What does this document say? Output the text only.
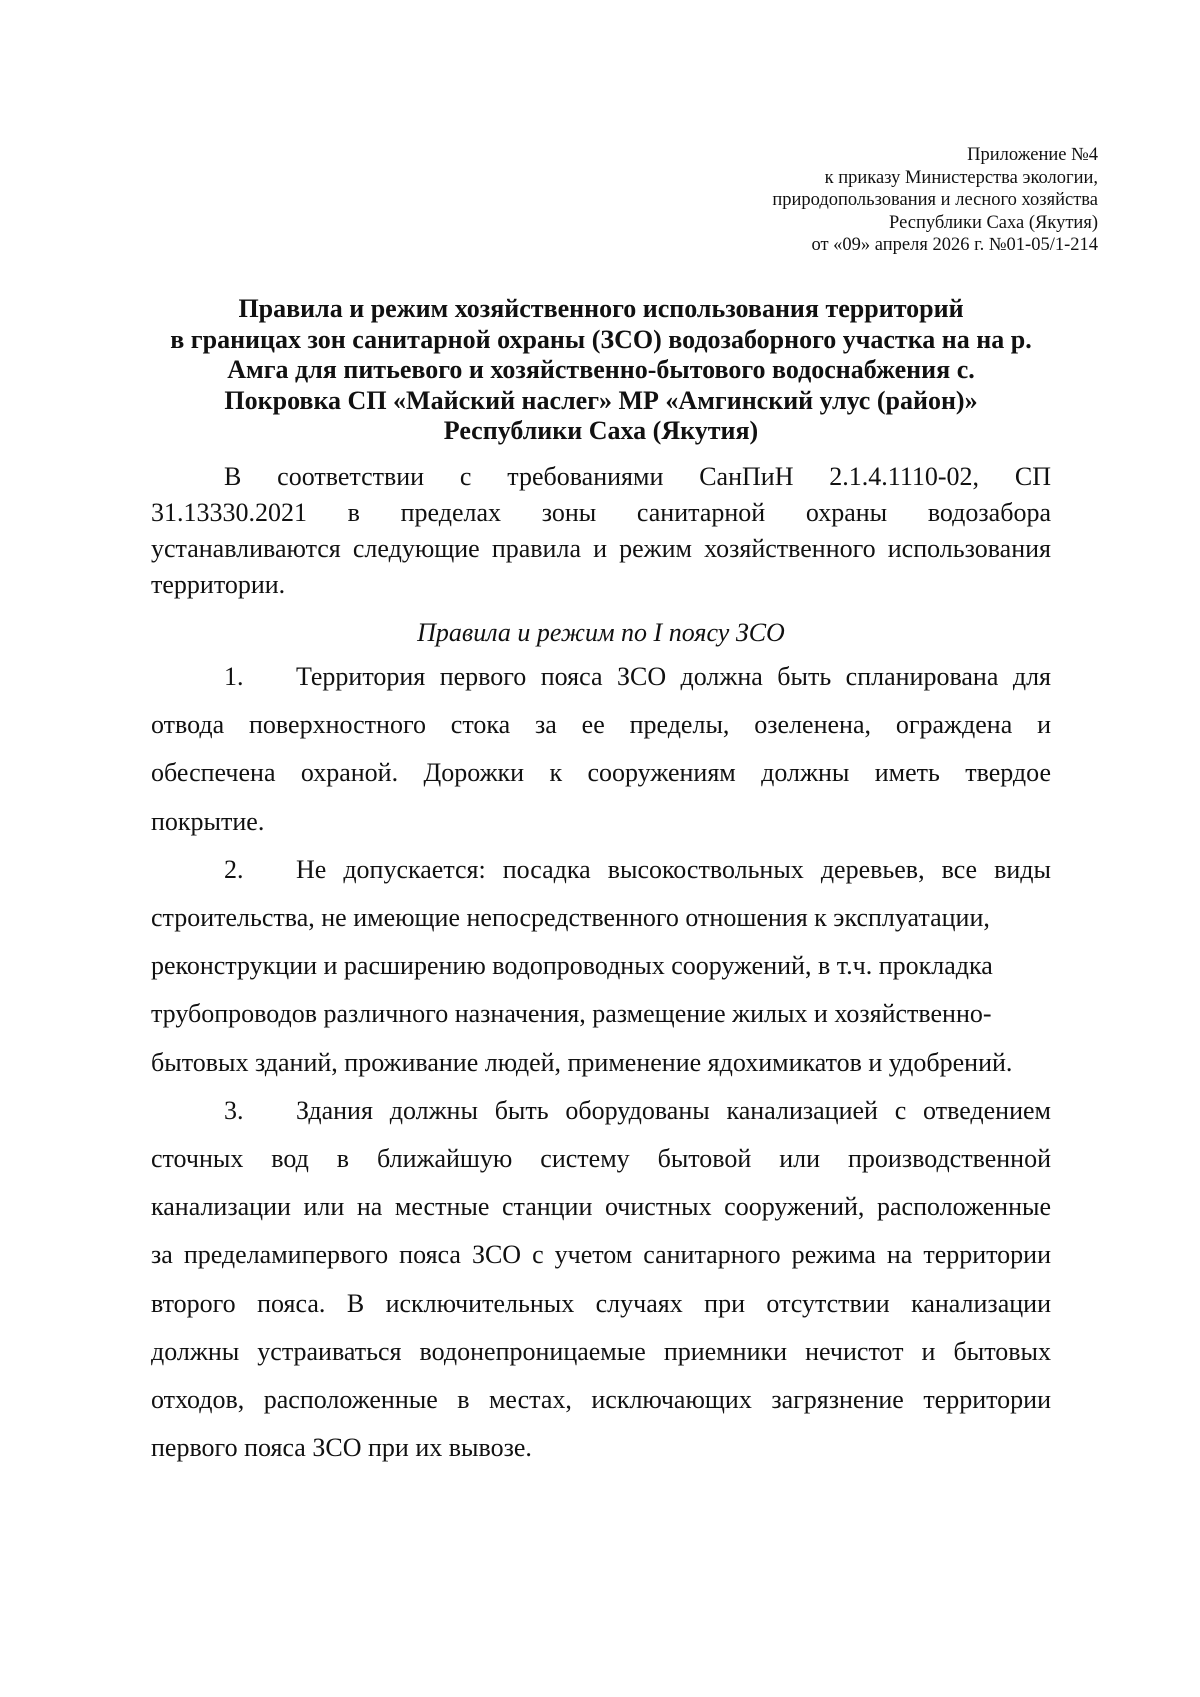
Приложение №4
к приказу Министерства экологии,
природопользования и лесного хозяйства
Республики Саха (Якутия)
от «09» апреля 2026 г. №01-05/1-214
Правила и режим хозяйственного использования территорий
в границах зон санитарной охраны (ЗСО) водозаборного участка на на р.
Амга для питьевого и хозяйственно-бытового водоснабжения с.
Покровка СП «Майский наслег» МР «Амгинский улус (район)»
Республики Саха (Якутия)
В соответствии с требованиями СанПиН 2.1.4.1110-02, СП
31.13330.2021 в пределах зоны санитарной охраны водозабора
устанавливаются следующие правила и режим хозяйственного использования
территории.
Правила и режим по I поясу ЗСО
1.	Территория первого пояса ЗСО должна быть спланирована для
отвода поверхностного стока за ее пределы, озеленена, ограждена и
обеспечена охраной. Дорожки к сооружениям должны иметь твердое
покрытие.
2.	Не допускается: посадка высокоствольных деревьев, все виды
строительства, не имеющие непосредственного отношения к эксплуатации,
реконструкции и расширению водопроводных сооружений, в т.ч. прокладка
трубопроводов различного назначения, размещение жилых и хозяйственно-
бытовых зданий, проживание людей, применение ядохимикатов и удобрений.
3.	Здания должны быть оборудованы канализацией с отведением
сточных вод в ближайшую систему бытовой или производственной
канализации или на местные станции очистных сооружений, расположенные
за пределамипервого пояса ЗСО с учетом санитарного режима на территории
второго пояса. В исключительных случаях при отсутствии канализации
должны устраиваться водонепроницаемые приемники нечистот и бытовых
отходов, расположенные в местах, исключающих загрязнение территории
первого пояса ЗСО при их вывозе.
